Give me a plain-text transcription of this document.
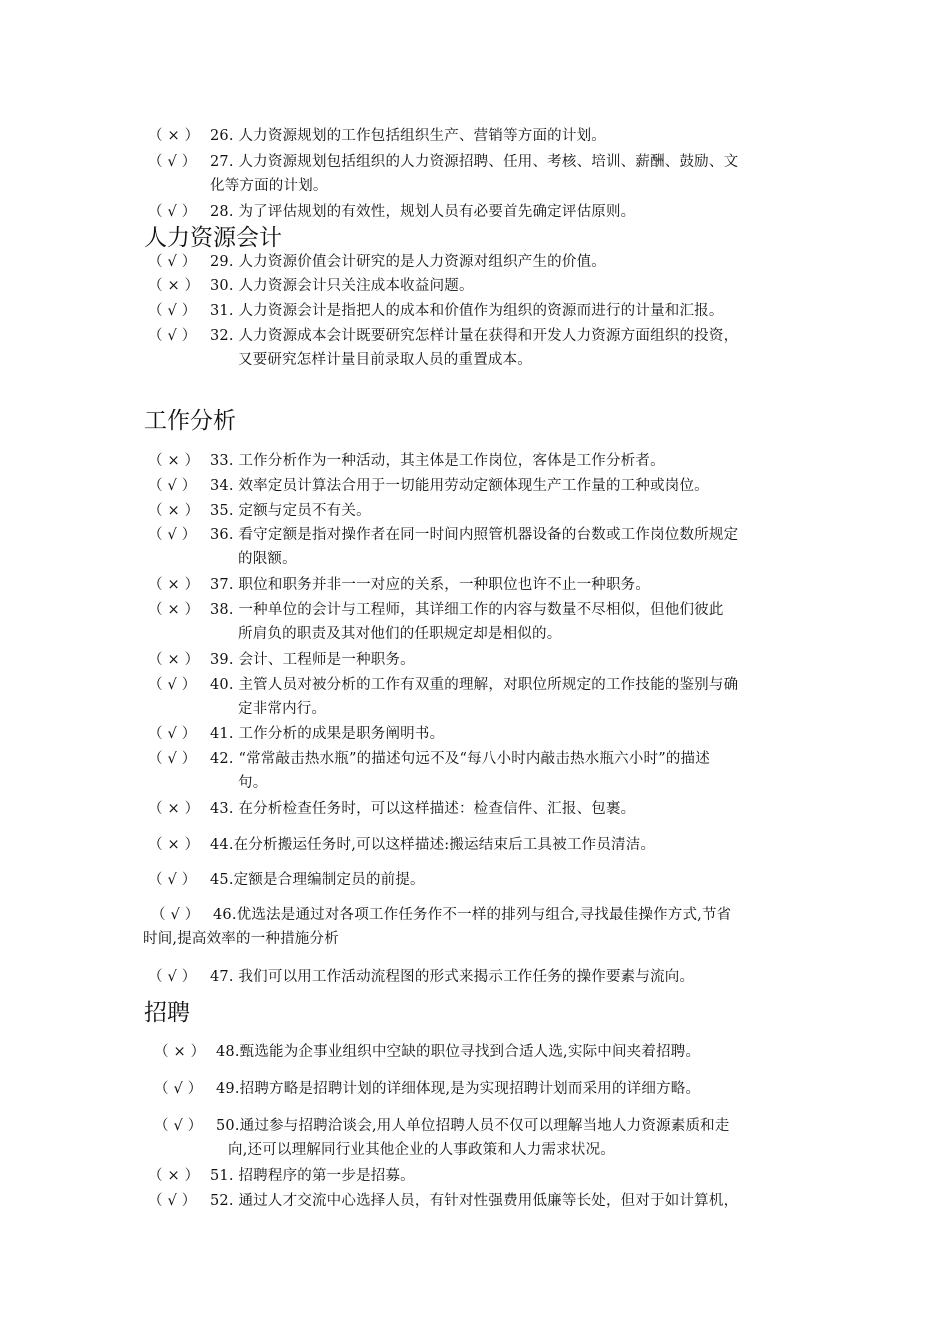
（ × ） 26. 人力资源规划的工作包括组织生产、营销等方面的计划。
（ √ ） 27. 人力资源规划包括组织的人力资源招聘、任用、考核、培训、薪酬、鼓励、文
化等方面的计划。
（ √ ） 28. 为了评估规划的有效性，规划人员有必要首先确定评估原则。
人力资源会计
（ √ ） 29. 人力资源价值会计研究的是人力资源对组织产生的价值。
（ × ） 30. 人力资源会计只关注成本收益问题。
（ √ ） 31. 人力资源会计是指把人的成本和价值作为组织的资源而进行的计量和汇报。
（ √ ） 32. 人力资源成本会计既要研究怎样计量在获得和开发人力资源方面组织的投资，
又要研究怎样计量目前录取人员的重置成本。
工作分析
（ × ） 33. 工作分析作为一种活动，其主体是工作岗位，客体是工作分析者。
（ √ ） 34. 效率定员计算法合用于一切能用劳动定额体现生产工作量的工种或岗位。
（ × ） 35. 定额与定员不有关。
（ √ ） 36. 看守定额是指对操作者在同一时间内照管机器设备的台数或工作岗位数所规定
的限额。
（ × ） 37. 职位和职务并非一一对应的关系，一种职位也许不止一种职务。
（ × ） 38. 一种单位的会计与工程师，其详细工作的内容与数量不尽相似，但他们彼此
所肩负的职责及其对他们的任职规定却是相似的。
（ × ） 39. 会计、工程师是一种职务。
（ √ ） 40. 主管人员对被分析的工作有双重的理解，对职位所规定的工作技能的鉴别与确
定非常内行。
（ √ ） 41. 工作分析的成果是职务阐明书。
（ √ ） 42. “常常敲击热水瓶”的描述句远不及“每八小时内敲击热水瓶六小时”的描述
句。
（ × ） 43. 在分析检查任务时，可以这样描述：检查信件、汇报、包裹。
（ × ） 44.在分析搬运任务时,可以这样描述:搬运结束后工具被工作员清洁。
（ √ ） 45.定额是合理编制定员的前提。
（ √ ） 46.优选法是通过对各项工作任务作不一样的排列与组合,寻找最佳操作方式,节省
时间,提高效率的一种措施分析
（ √ ） 47. 我们可以用工作活动流程图的形式来揭示工作任务的操作要素与流向。
招聘
（ × ） 48.甄选能为企事业组织中空缺的职位寻找到合适人选,实际中间夹着招聘。
（ √ ） 49.招聘方略是招聘计划的详细体现,是为实现招聘计划而采用的详细方略。
（ √ ） 50.通过参与招聘洽谈会,用人单位招聘人员不仅可以理解当地人力资源素质和走
向,还可以理解同行业其他企业的人事政策和人力需求状况。
（ × ） 51. 招聘程序的第一步是招募。
（ √ ） 52. 通过人才交流中心选择人员，有针对性强费用低廉等长处，但对于如计算机，
